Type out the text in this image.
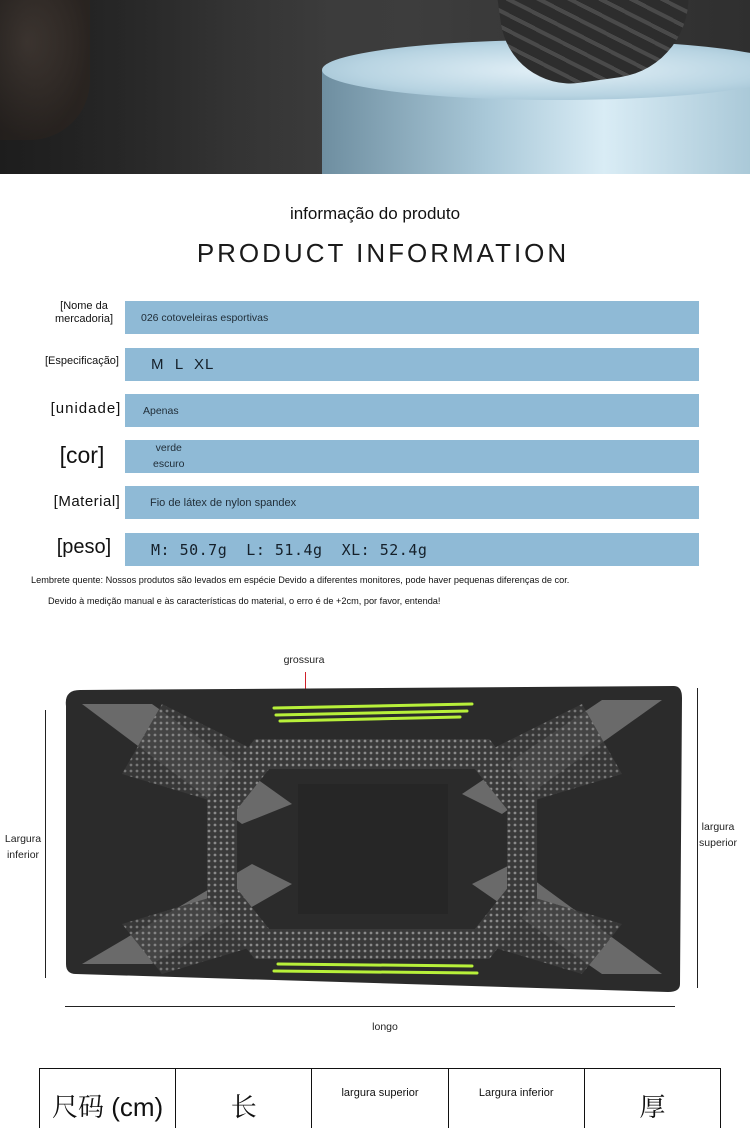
informação do produto
PRODUCT INFORMATION
[Nome da mercadoria]	026 cotoveleiras esportivas
[Especificação]	M  L  XL
[unidade]	Apenas
[cor]	verde
escuro
[Material]	Fio de látex de nylon spandex
[peso]	M: 50.7g  L: 51.4g  XL: 52.4g
Lembrete quente: Nossos produtos são levados em espécie Devido a diferentes monitores, pode haver pequenas diferenças de cor.
Devido à medição manual e às características do material, o erro é de +2cm, por favor, entenda!
grossura
Largura
inferior
largura
superior
longo
尺码 (cm)	长	largura superior	Largura inferior	厚
